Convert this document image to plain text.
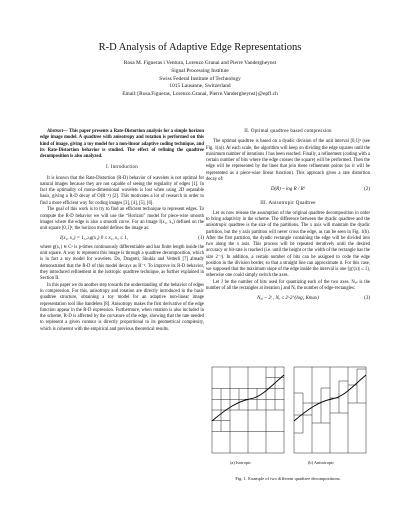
R-D Analysis of Adaptive Edge Representations
Rosa M. Figueras i Ventura, Lorenzo Granai and Pierre Vandergheynst
Signal Processing Institute
Swiss Federal Institute of Technology
1015 Lausanne, Switzerland
Email:{Rosa.Figueras, Lorenzo.Granai, Pierre.Vandergheynst}@epfl.ch

Abstract— This paper presents a Rate-Distortion analysis for a simple horizon edge image model. A quadtree with anisotropy and rotation is performed on this kind of image, giving a toy model for a non-linear adaptive coding technique, and its Rate-Distortion behavior is studied. The effect of refining the quadtree decomposition is also analyzed.

I. Introduction

It is known that the Rate-Distortion (R-D) behavior of wavelets is not optimal for natural images because they are not capable of seeing the regularity of edges [1]. In fact the optimality of mono-dimensional wavelets is lost when using 2D separable basis, giving a R-D decay of O(R⁻¹) [2]. This motivates a lot of research in order to find a more efficient way for coding images [3], [4], [5], [6].

The goal of this work is to try to find an efficient technique to represent edges. To compute the R-D behavior we will use the “Horizon” model for piece-wise smooth images where the edge is also a smooth curve. For an image I(x₁, x₂) defined on the unit square [0,1]², the horizon model defines the image as:

I(x₁, x₂) = 1ₓ₂≥g(x₁) 0 ≤ x₁, x₂ ≤ 1,	(1)

where g(x₁) ∈ Cᵅ is p-times continuously differentiable and has finite length inside the unit square. A way to represent this image is through a quadtree decomposition, which is in fact a toy model for wavelets. Do, Dragotti, Shukla and Vetterli [7] already demonstrated that the R-D of this model decays as R⁻¹. To improve its R-D behavior, they introduced refinement in the isotropic quadtree technique, as further explained in Section II.

In this paper we do another step towards the understanding of the behavior of edges in compression. For this, anisotropy and rotation are directly introduced in the basic quadtree structure, obtaining a toy model for an adaptive non-linear image representation tool like bandelets [8]. Anisotropy makes the first derivative of the edge function appear in the R-D expression. Furthermore, when rotation is also included in the scheme, R-D is affected by the curvature of the edge, showing that the rate needed to represent a given contour is directly proportional to its geometrical complexity, which is coherent with the empirical and previous theoretical results.

II. Optimal quadtree based compression

The optimal quadtree is based on a dyadic division of the unit interval [0,1]² (see Fig. 1(a)). At each scale, the algorithm will keep on dividing the edge squares until the maximum number of iterations J has been reached. Finally, a refinement (coding with a certain number of bits where the edge crosses the square) will be performed. Then the edge will be represented by the lines that join these refinement points (so it will be represented as a piece-wise linear function). This approach gives a rate distortion decay of:

D(R) ~ log R / R²	(2)
III. Anisotropic Quadtree

Let us now release the assumption of the original quadtree decomposition in order to bring adaptivity in the scheme. The difference between the dyadic quadtree and the anisotropic quadtree is the size of the partitions. The x axis will maintain the dyadic partition, but the y axis partition will never cross the edge, as can be seen in Fig. 1(b). After the first partition, the dyadic rectangle containing the edge will be divided into two along the x axis. This process will be repeated iteratively until the desired accuracy or bit-rate is reached (i.e. until the height or the width of the rectangle has the size 2⁻ᴶ). In addition, a certain number of bits can be assigned to code the edge position in the division border, so that a straight line can approximate it. For this case, we supposed that the maximum slope of the edge inside the interval is one (|g′(x)| ≤ 1), otherwise one could simply switch the axes.

Let J be the number of bits used for quantizing each of the two axes. Nₐₛ is the number of all the rectangles at iteration j and Nₑ the number of edge-rectangles:

Nₐⱼ ~ 2ʲ , Nₑ ≤ 2ʲ·2^(log₂ Kmax)	(3)
(a) Isotropic	(b) Anisotropic
Fig. 1. Example of two different quadtree decompositions.
